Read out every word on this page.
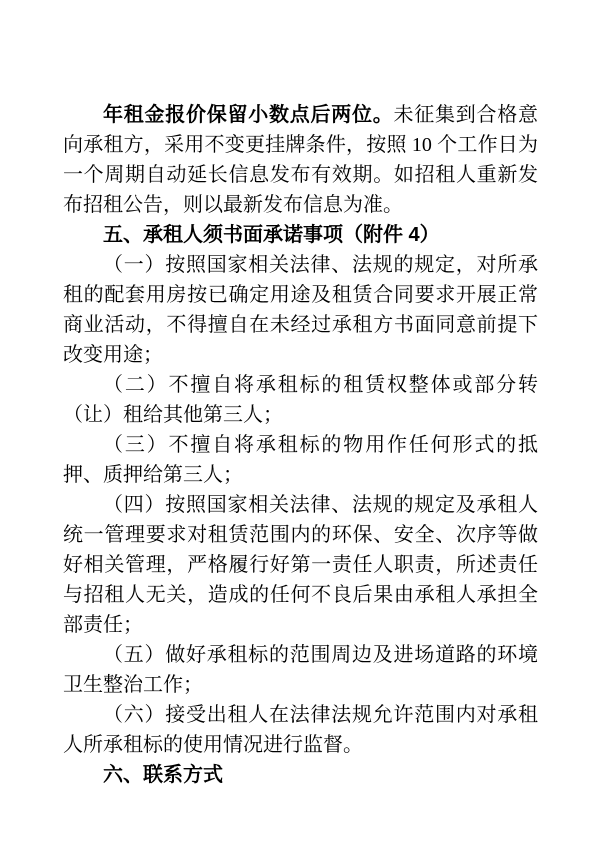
年租金报价保留小数点后两位。未征集到合格意向承租方，采用不变更挂牌条件，按照 10 个工作日为一个周期自动延长信息发布有效期。如招租人重新发布招租公告，则以最新发布信息为准。

五、承租人须书面承诺事项（附件 4）

（一）按照国家相关法律、法规的规定，对所承租的配套用房按已确定用途及租赁合同要求开展正常商业活动，不得擅自在未经过承租方书面同意前提下改变用途；

（二）不擅自将承租标的租赁权整体或部分转（让）租给其他第三人；

（三）不擅自将承租标的物用作任何形式的抵押、质押给第三人；

（四）按照国家相关法律、法规的规定及承租人统一管理要求对租赁范围内的环保、安全、次序等做好相关管理，严格履行好第一责任人职责，所述责任与招租人无关，造成的任何不良后果由承租人承担全部责任；

（五）做好承租标的范围周边及进场道路的环境卫生整治工作；

（六）接受出租人在法律法规允许范围内对承租人所承租标的使用情况进行监督。

六、联系方式
